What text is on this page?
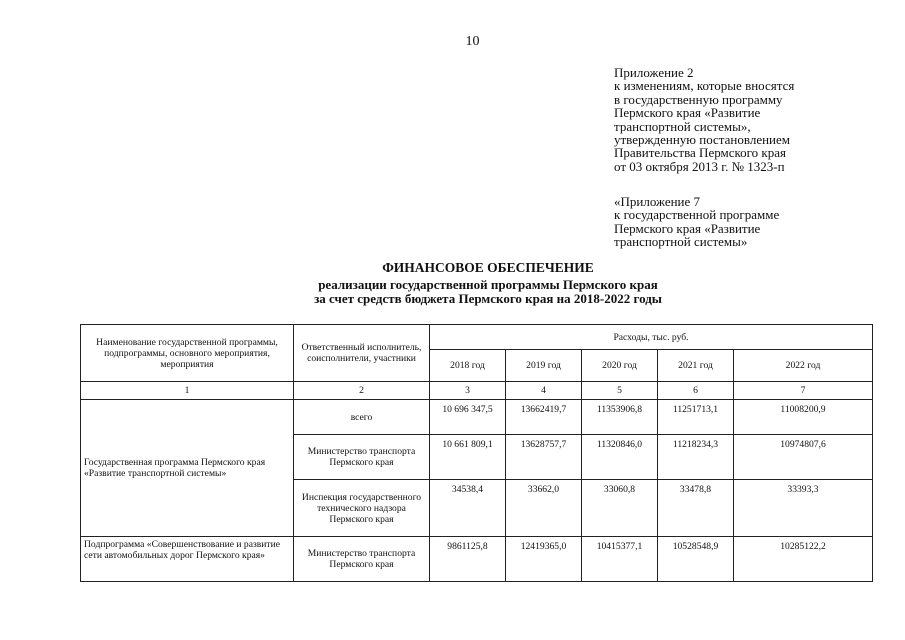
10
Приложение 2
к изменениям, которые вносятся
в государственную программу
Пермского края «Развитие
транспортной системы»,
утвержденную постановлением
Правительства Пермского края
от 03 октября 2013 г. № 1323-п
«Приложение 7
к государственной программе
Пермского края «Развитие
транспортной системы»
ФИНАНСОВОЕ ОБЕСПЕЧЕНИЕ
реализации государственной программы Пермского края
за счет средств бюджета Пермского края на 2018-2022 годы
Наименование государственной программы, подпрограммы, основного мероприятия, мероприятия	Ответственный исполнитель, соисполнители, участники	Расходы, тыс. руб.				
		2018 год	2019 год	2020 год	2021 год	2022 год
1	2	3	4	5	6	7
Государственная программа Пермского края «Развитие транспортной системы»	всего	10 696 347,5	13662419,7	11353906,8	11251713,1	11008200,9
	Министерство транспорта Пермского края	10 661 809,1	13628757,7	11320846,0	11218234,3	10974807,6
	Инспекция государственного технического надзора Пермского края	34538,4	33662,0	33060,8	33478,8	33393,3
Подпрограмма «Совершенствование и развитие сети автомобильных дорог Пермского края»	Министерство транспорта Пермского края	9861125,8	12419365,0	10415377,1	10528548,9	10285122,2
